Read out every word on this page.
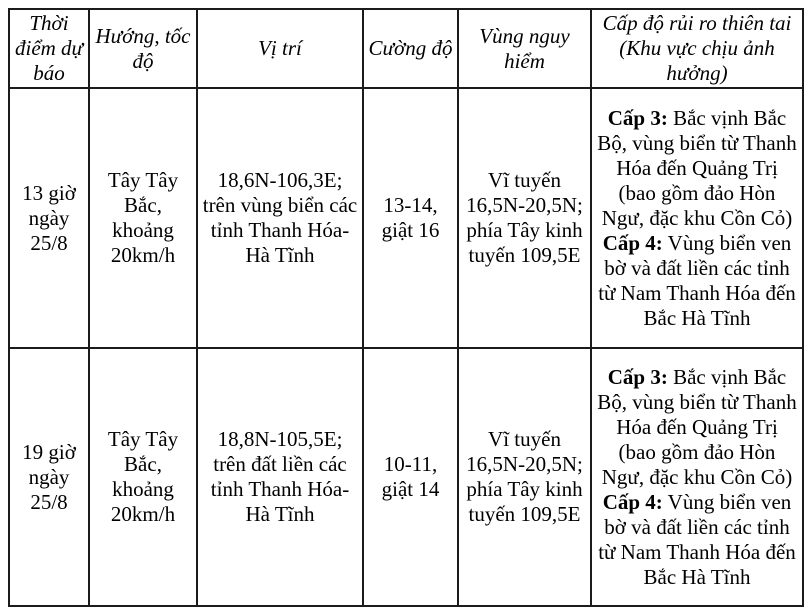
Thời điểm dự báo	Hướng, tốc độ	Vị trí	Cường độ	Vùng nguy hiểm	Cấp độ rủi ro thiên tai (Khu vực chịu ảnh hưởng)
13 giờ ngày 25/8	Tây Tây Bắc, khoảng 20km/h	18,6N-106,3E; trên vùng biển các tỉnh Thanh Hóa-Hà Tĩnh	13-14, giật 16	Vĩ tuyến 16,5N-20,5N; phía Tây kinh tuyến 109,5E	Cấp 3: Bắc vịnh Bắc Bộ, vùng biển từ Thanh Hóa đến Quảng Trị (bao gồm đảo Hòn Ngư, đặc khu Cồn Cỏ)
Cấp 4: Vùng biển ven bờ và đất liền các tỉnh từ Nam Thanh Hóa đến Bắc Hà Tĩnh

19 giờ ngày 25/8	Tây Tây Bắc, khoảng 20km/h	18,8N-105,5E; trên đất liền các tỉnh Thanh Hóa-Hà Tĩnh	10-11, giật 14	Vĩ tuyến 16,5N-20,5N; phía Tây kinh tuyến 109,5E	Cấp 3: Bắc vịnh Bắc Bộ, vùng biển từ Thanh Hóa đến Quảng Trị (bao gồm đảo Hòn Ngư, đặc khu Cồn Cỏ)
Cấp 4: Vùng biển ven bờ và đất liền các tỉnh từ Nam Thanh Hóa đến Bắc Hà Tĩnh
